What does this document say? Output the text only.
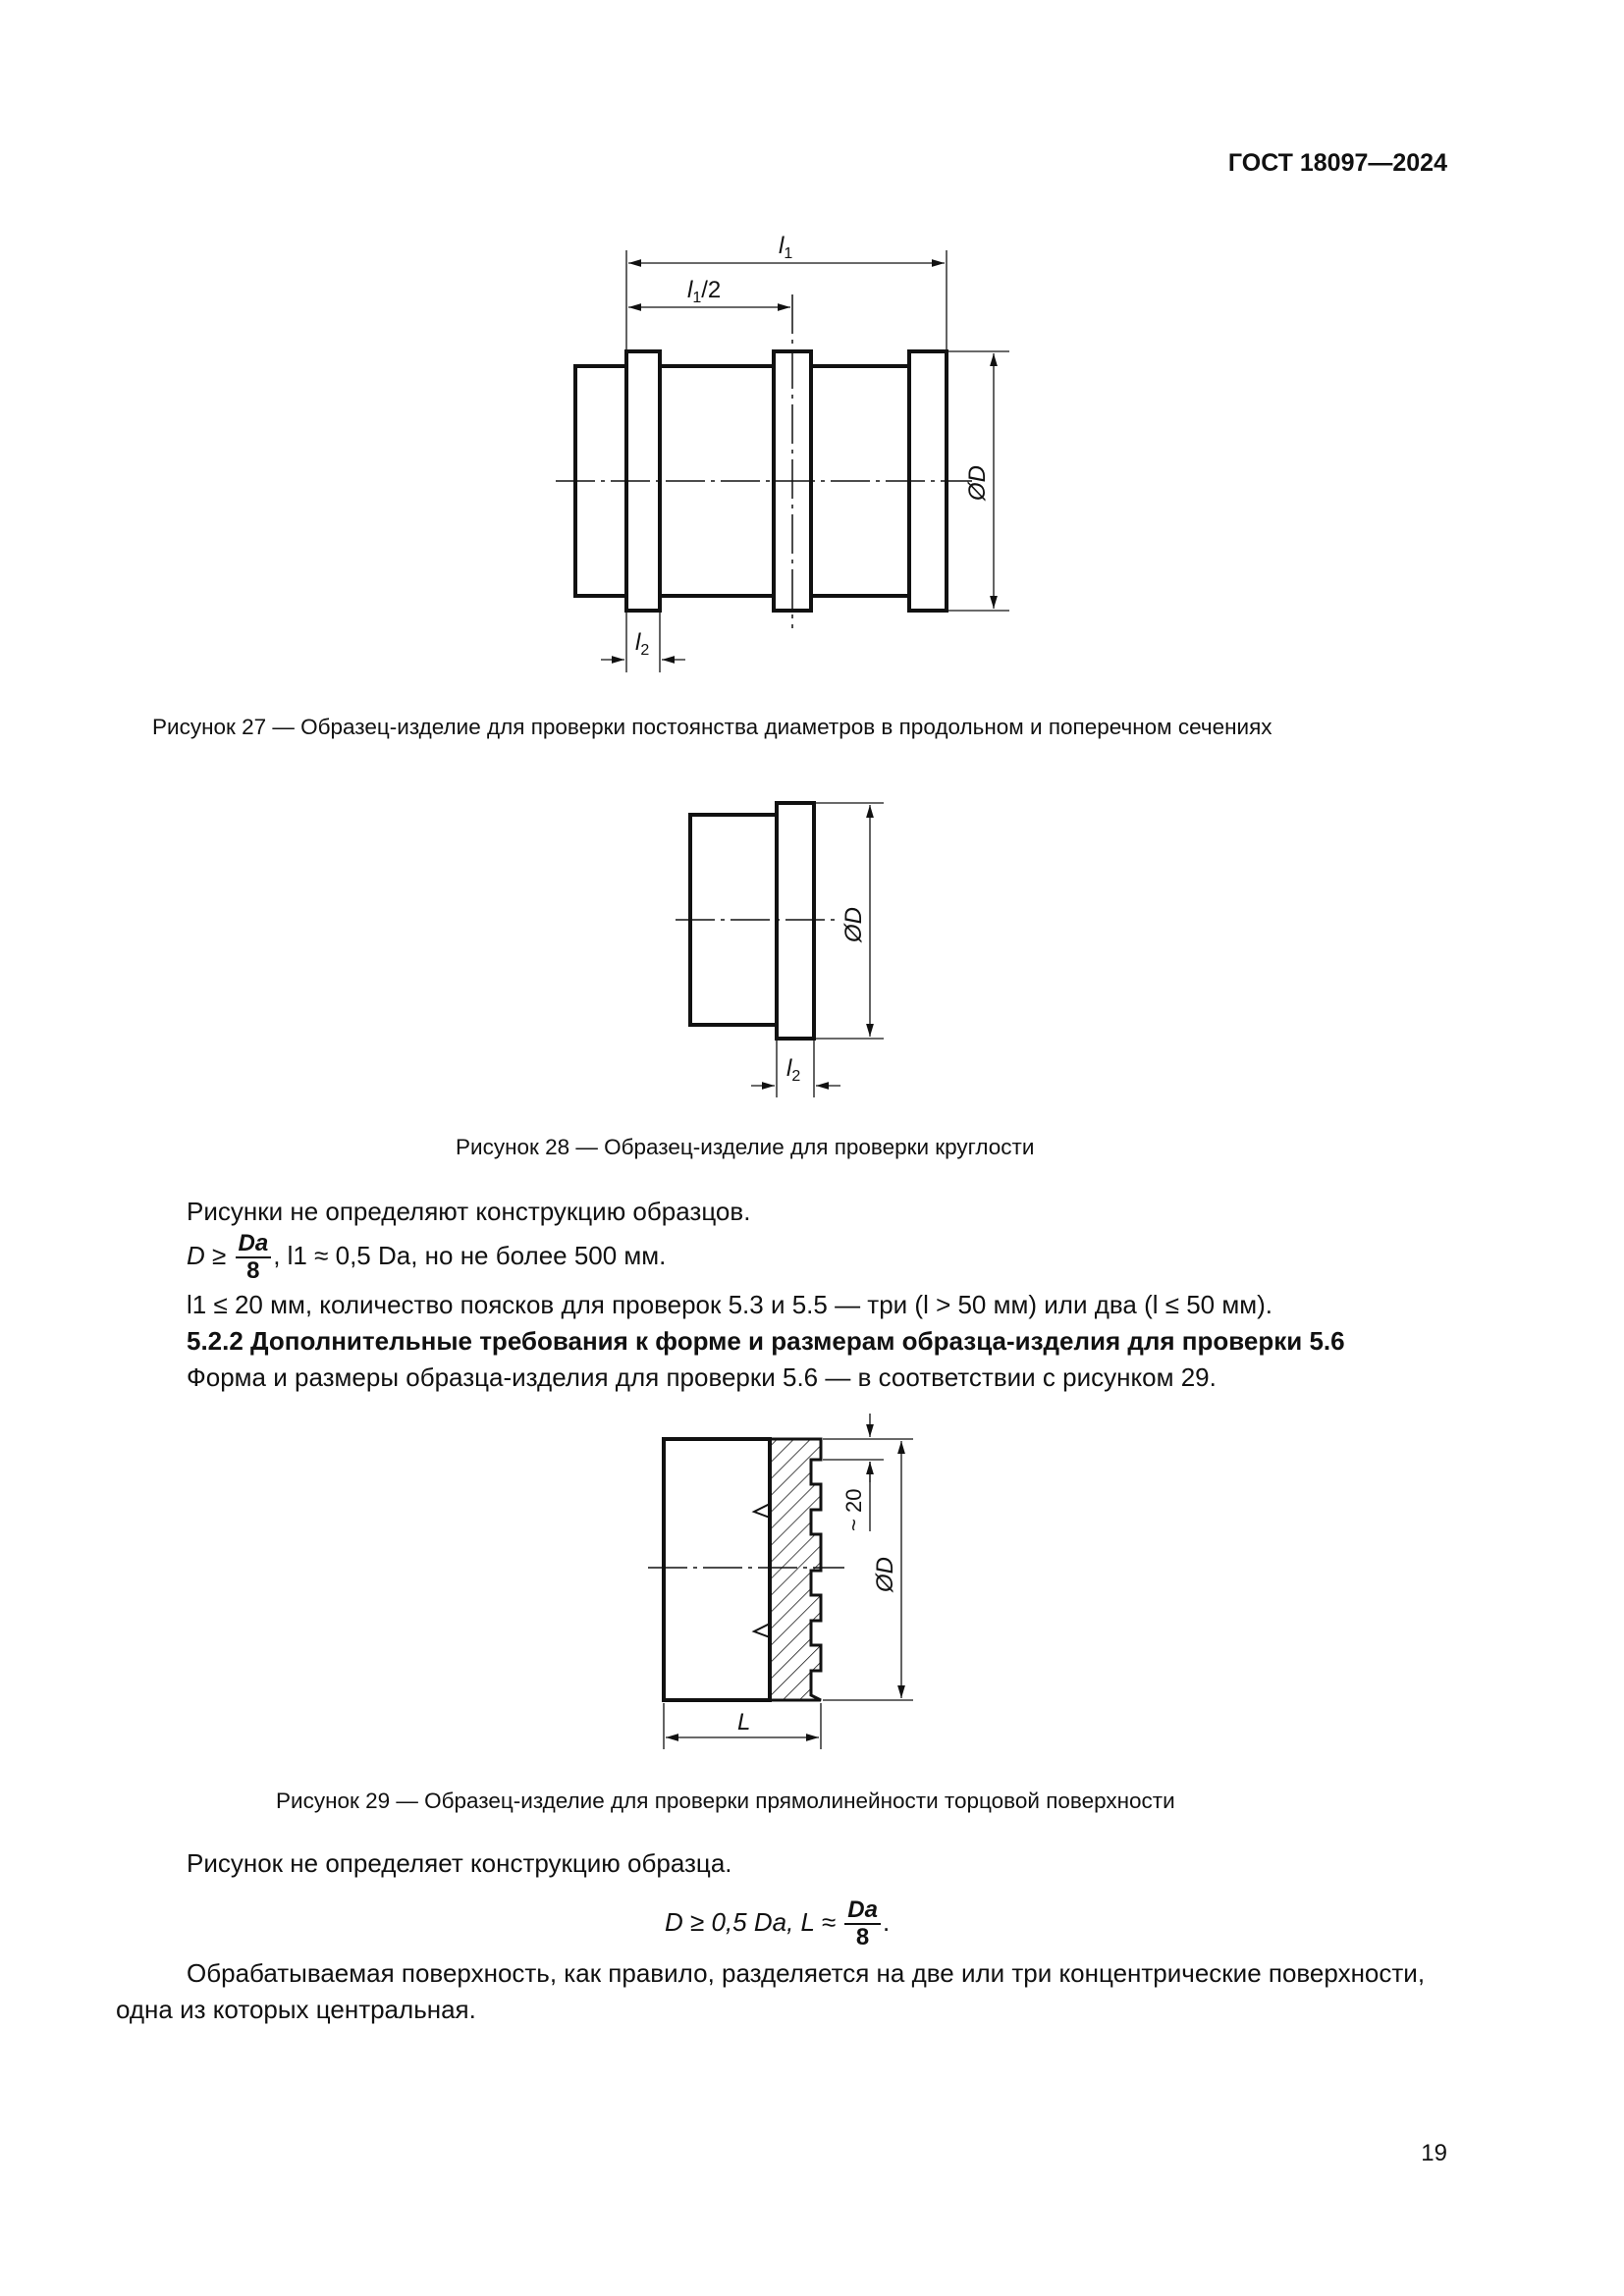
ГОСТ 18097—2024
$l_1$
$l_1/2$
$l_2$
ØD
Рисунок 27 — Образец-изделие для проверки постоянства диаметров в продольном и поперечном сечениях
$l_2$
ØD
Рисунок 28 — Образец-изделие для проверки круглости
Рисунки не определяют конструкцию образцов.
$D \ge \frac{Da}{8}$ , l1 ≈ 0,5 Da, но не более 500 мм.
l1 ≤ 20 мм, количество поясков для проверок 5.3 и 5.5 — три (l > 50 мм) или два (l ≤ 50 мм).
5.2.2 Дополнительные требования к форме и размерам образца-изделия для проверки 5.6
Форма и размеры образца-изделия для проверки 5.6 — в соответствии с рисунком 29.
~ 20
ØD
L
Рисунок 29 — Образец-изделие для проверки прямолинейности торцовой поверхности
Рисунок не определяет конструкцию образца.
D ≥ 0,5 Da, $L \approx \frac{Da}{8}$ .
Обрабатываемая поверхность, как правило, разделяется на две или три концентрические поверхности, одна из которых центральная.
19
